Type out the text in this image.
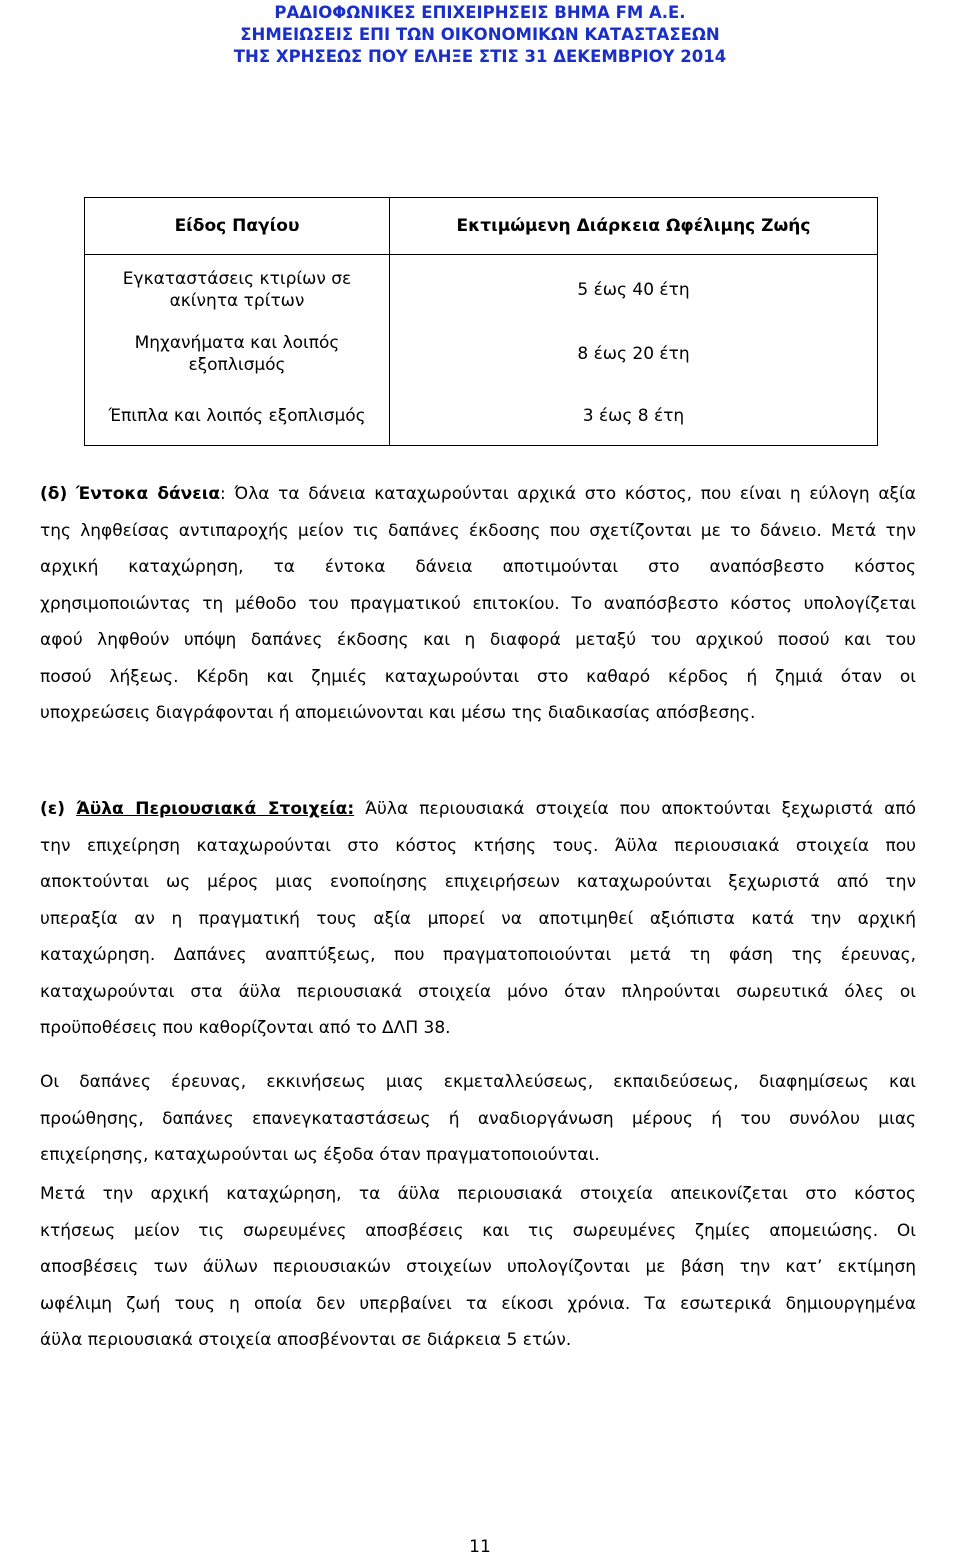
ΡΑΔΙΟΦΩΝΙΚΕΣ ΕΠΙΧΕΙΡΗΣΕΙΣ ΒΗΜΑ FM Α.Ε.
ΣΗΜΕΙΩΣΕΙΣ ΕΠΙ ΤΩΝ ΟΙΚΟΝΟΜΙΚΩΝ ΚΑΤΑΣΤΑΣΕΩΝ
ΤΗΣ ΧΡΗΣΕΩΣ ΠΟΥ ΕΛΗΞΕ ΣΤΙΣ 31 ΔΕΚΕΜΒΡΙΟΥ 2014
Είδος Παγίου	Εκτιμώμενη Διάρκεια Ωφέλιμης Ζωής
Εγκαταστάσεις κτιρίων σε
ακίνητα τρίτων	5 έως 40 έτη
Μηχανήματα και λοιπός
εξοπλισμός	8 έως 20 έτη
Έπιπλα και λοιπός εξοπλισμός	3 έως 8 έτη
(δ) Έντοκα δάνεια: Όλα τα δάνεια καταχωρούνται αρχικά στο κόστος, που είναι η εύλογη αξία
της ληφθείσας αντιπαροχής μείον τις δαπάνες έκδοσης που σχετίζονται με το δάνειο. Μετά την
αρχική καταχώρηση, τα έντοκα δάνεια αποτιμούνται στο αναπόσβεστο κόστος
χρησιμοποιώντας τη μέθοδο του πραγματικού επιτοκίου. Το αναπόσβεστο κόστος υπολογίζεται
αφού ληφθούν υπόψη δαπάνες έκδοσης και η διαφορά μεταξύ του αρχικού ποσού και του
ποσού λήξεως. Κέρδη και ζημιές καταχωρούνται στο καθαρό κέρδος ή ζημιά όταν οι
υποχρεώσεις διαγράφονται ή απομειώνονται και μέσω της διαδικασίας απόσβεσης.
(ε) Άϋλα Περιουσιακά Στοιχεία: Άϋλα περιουσιακά στοιχεία που αποκτούνται ξεχωριστά από
την επιχείρηση καταχωρούνται στο κόστος κτήσης τους. Άϋλα περιουσιακά στοιχεία που
αποκτούνται ως μέρος μιας ενοποίησης επιχειρήσεων καταχωρούνται ξεχωριστά από την
υπεραξία αν η πραγματική τους αξία μπορεί να αποτιμηθεί αξιόπιστα κατά την αρχική
καταχώρηση. Δαπάνες αναπτύξεως, που πραγματοποιούνται μετά τη φάση της έρευνας,
καταχωρούνται στα άϋλα περιουσιακά στοιχεία μόνο όταν πληρούνται σωρευτικά όλες οι
προϋποθέσεις που καθορίζονται από το ΔΛΠ 38.
Οι δαπάνες έρευνας, εκκινήσεως μιας εκμεταλλεύσεως, εκπαιδεύσεως, διαφημίσεως και
προώθησης, δαπάνες επανεγκαταστάσεως ή αναδιοργάνωση μέρους ή του συνόλου μιας
επιχείρησης, καταχωρούνται ως έξοδα όταν πραγματοποιούνται.
Μετά την αρχική καταχώρηση, τα άϋλα περιουσιακά στοιχεία απεικονίζεται στο κόστος
κτήσεως μείον τις σωρευμένες αποσβέσεις και τις σωρευμένες ζημίες απομειώσης. Οι
αποσβέσεις των άϋλων περιουσιακών στοιχείων υπολογίζονται με βάση την κατ’ εκτίμηση
ωφέλιμη ζωή τους η οποία δεν υπερβαίνει τα είκοσι χρόνια. Τα εσωτερικά δημιουργημένα
άϋλα περιουσιακά στοιχεία αποσβένονται σε διάρκεια 5 ετών.
11
